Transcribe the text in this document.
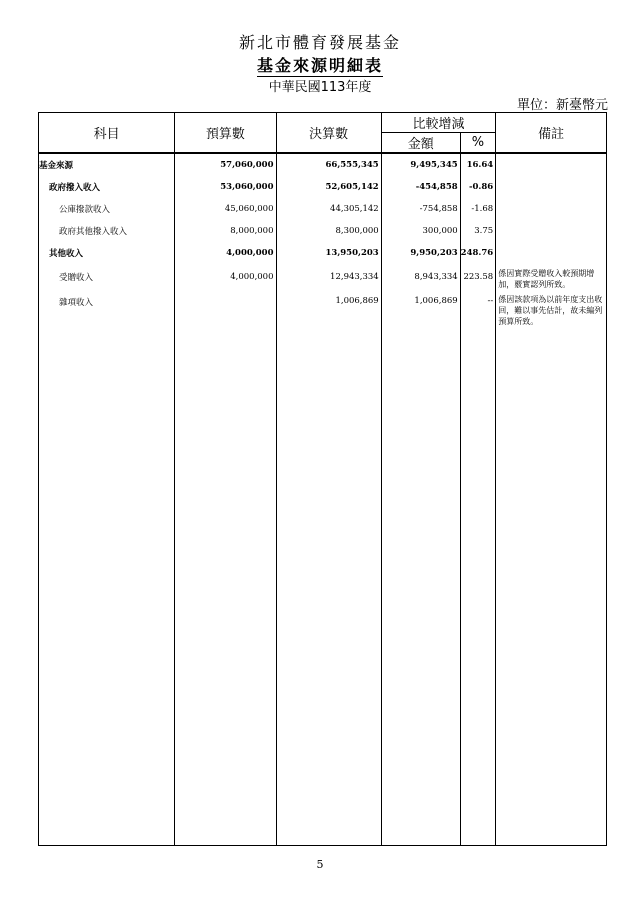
新北市體育發展基金
基金來源明細表
中華民國113年度
單位：新臺幣元
科目	預算數	決算數	比較增減		備註
			金額	%	
基金來源	57,060,000	66,555,345	9,495,345	16.64	
政府撥入收入	53,060,000	52,605,142	-454,858	-0.86	
公庫撥款收入	45,060,000	44,305,142	-754,858	-1.68	
政府其他撥入收入	8,000,000	8,300,000	300,000	3.75	
其他收入	4,000,000	13,950,203	9,950,203	248.76	
受贈收入	4,000,000	12,943,334	8,943,334	223.58	係因實際受贈收入較預期增加，覈實認列所致。
雜項收入		1,006,869	1,006,869	--	係因該款項為以前年度支出收回，難以事先估計，故未編列預算所致。

5
